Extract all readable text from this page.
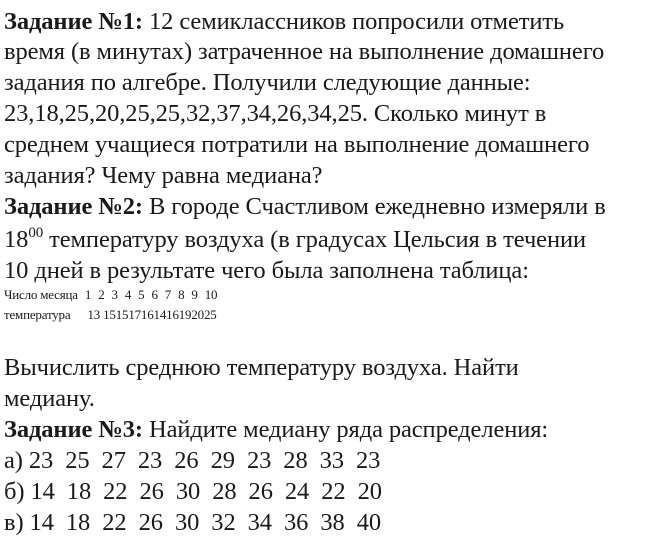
Задание №1: 12 семиклассников попросили отметить
время (в минутах) затраченное на выполнение домашнего
задания по алгебре. Получили следующие данные:
23,18,25,20,25,25,32,37,34,26,34,25. Сколько минут в
среднем учащиеся потратили на выполнение домашнего
задания? Чему равна медиана?
Задание №2: В городе Счастливом ежедневно измеряли в
$18^{00}$ температуру воздуха (в градусах Цельсия в течении
10 дней в результате чего была заполнена таблица:
Число месяца 1 2 3 4 5 6 7 8 9 10
температура 13 151517161416192025
Вычислить среднюю температуру воздуха. Найти
медиану.
Задание №3: Найдите медиану ряда распределения:
а) 23  25  27  23  26  29  23  28  33  23
б) 14  18  22  26  30  28  26  24  22  20
в) 14  18  22  26  30  32  34  36  38  40
